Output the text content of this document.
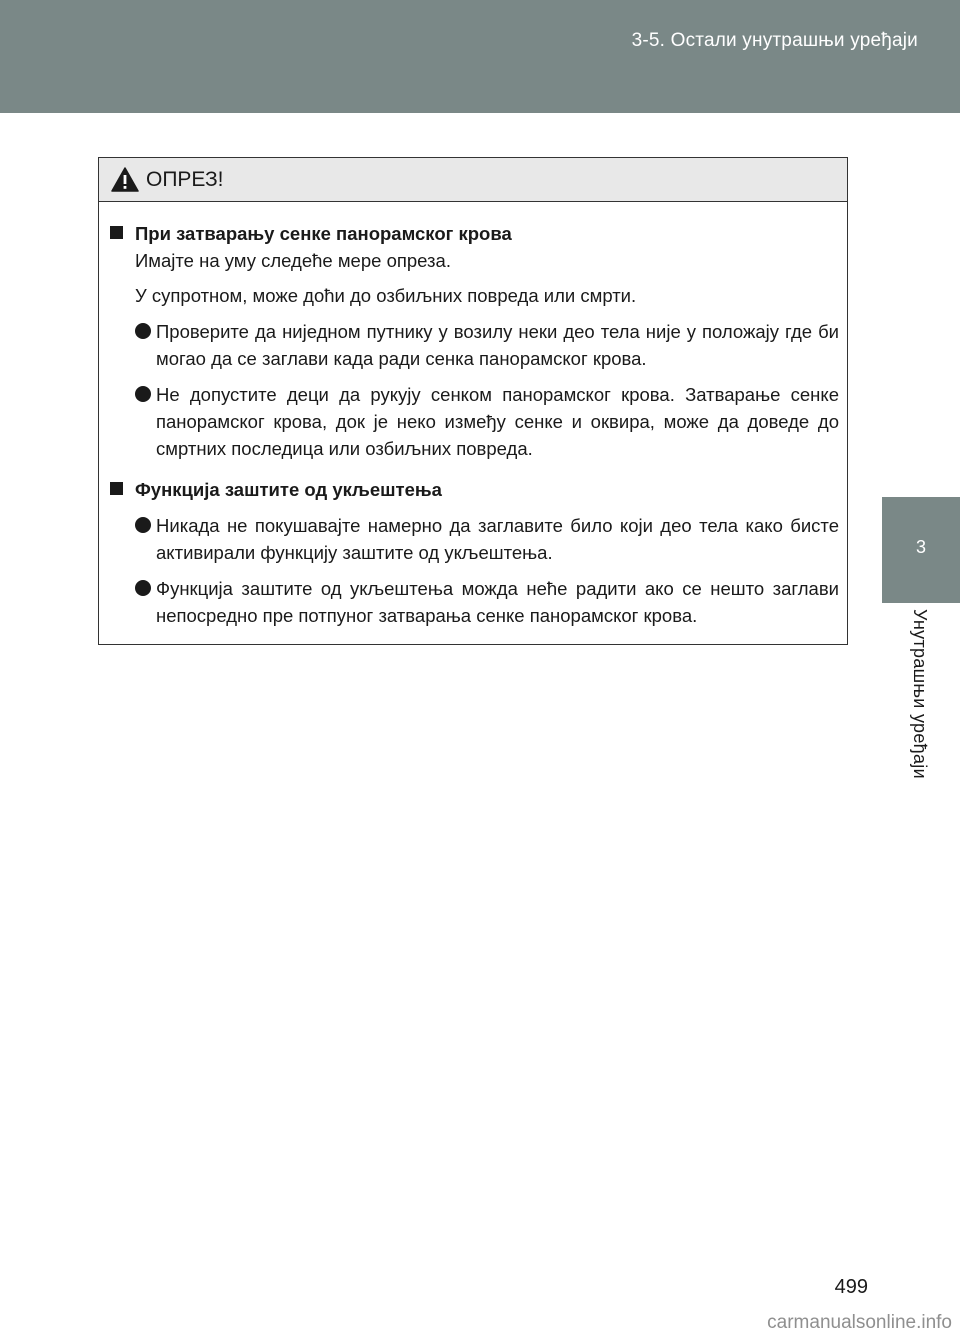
3-5. Остали унутрашњи уређаји
3
Унутрашњи уређаји
ОПРЕЗ!
При затварању сенке панорамског крова
Имајте на уму следеће мере опреза.
У супротном, може доћи до озбиљних повреда или смрти.
Проверите да ниједном путнику у возилу неки део тела није у положају где би могао да се заглави када ради сенка панорамског крова.
Не допустите деци да рукују сенком панорамског крова. Затварање сенке панорамског крова, док је неко између сенке и оквира, може да доведе до смртних последица или озбиљних повреда.
Функција заштите од укљештења
Никада не покушавајте намерно да заглавите било који део тела како бисте активирали функцију заштите од укљештења.
Функција заштите од укљештења можда неће радити ако се нешто заглави непосредно пре потпуног затварања сенке панорамског крова.
499
carmanualsonline.info
